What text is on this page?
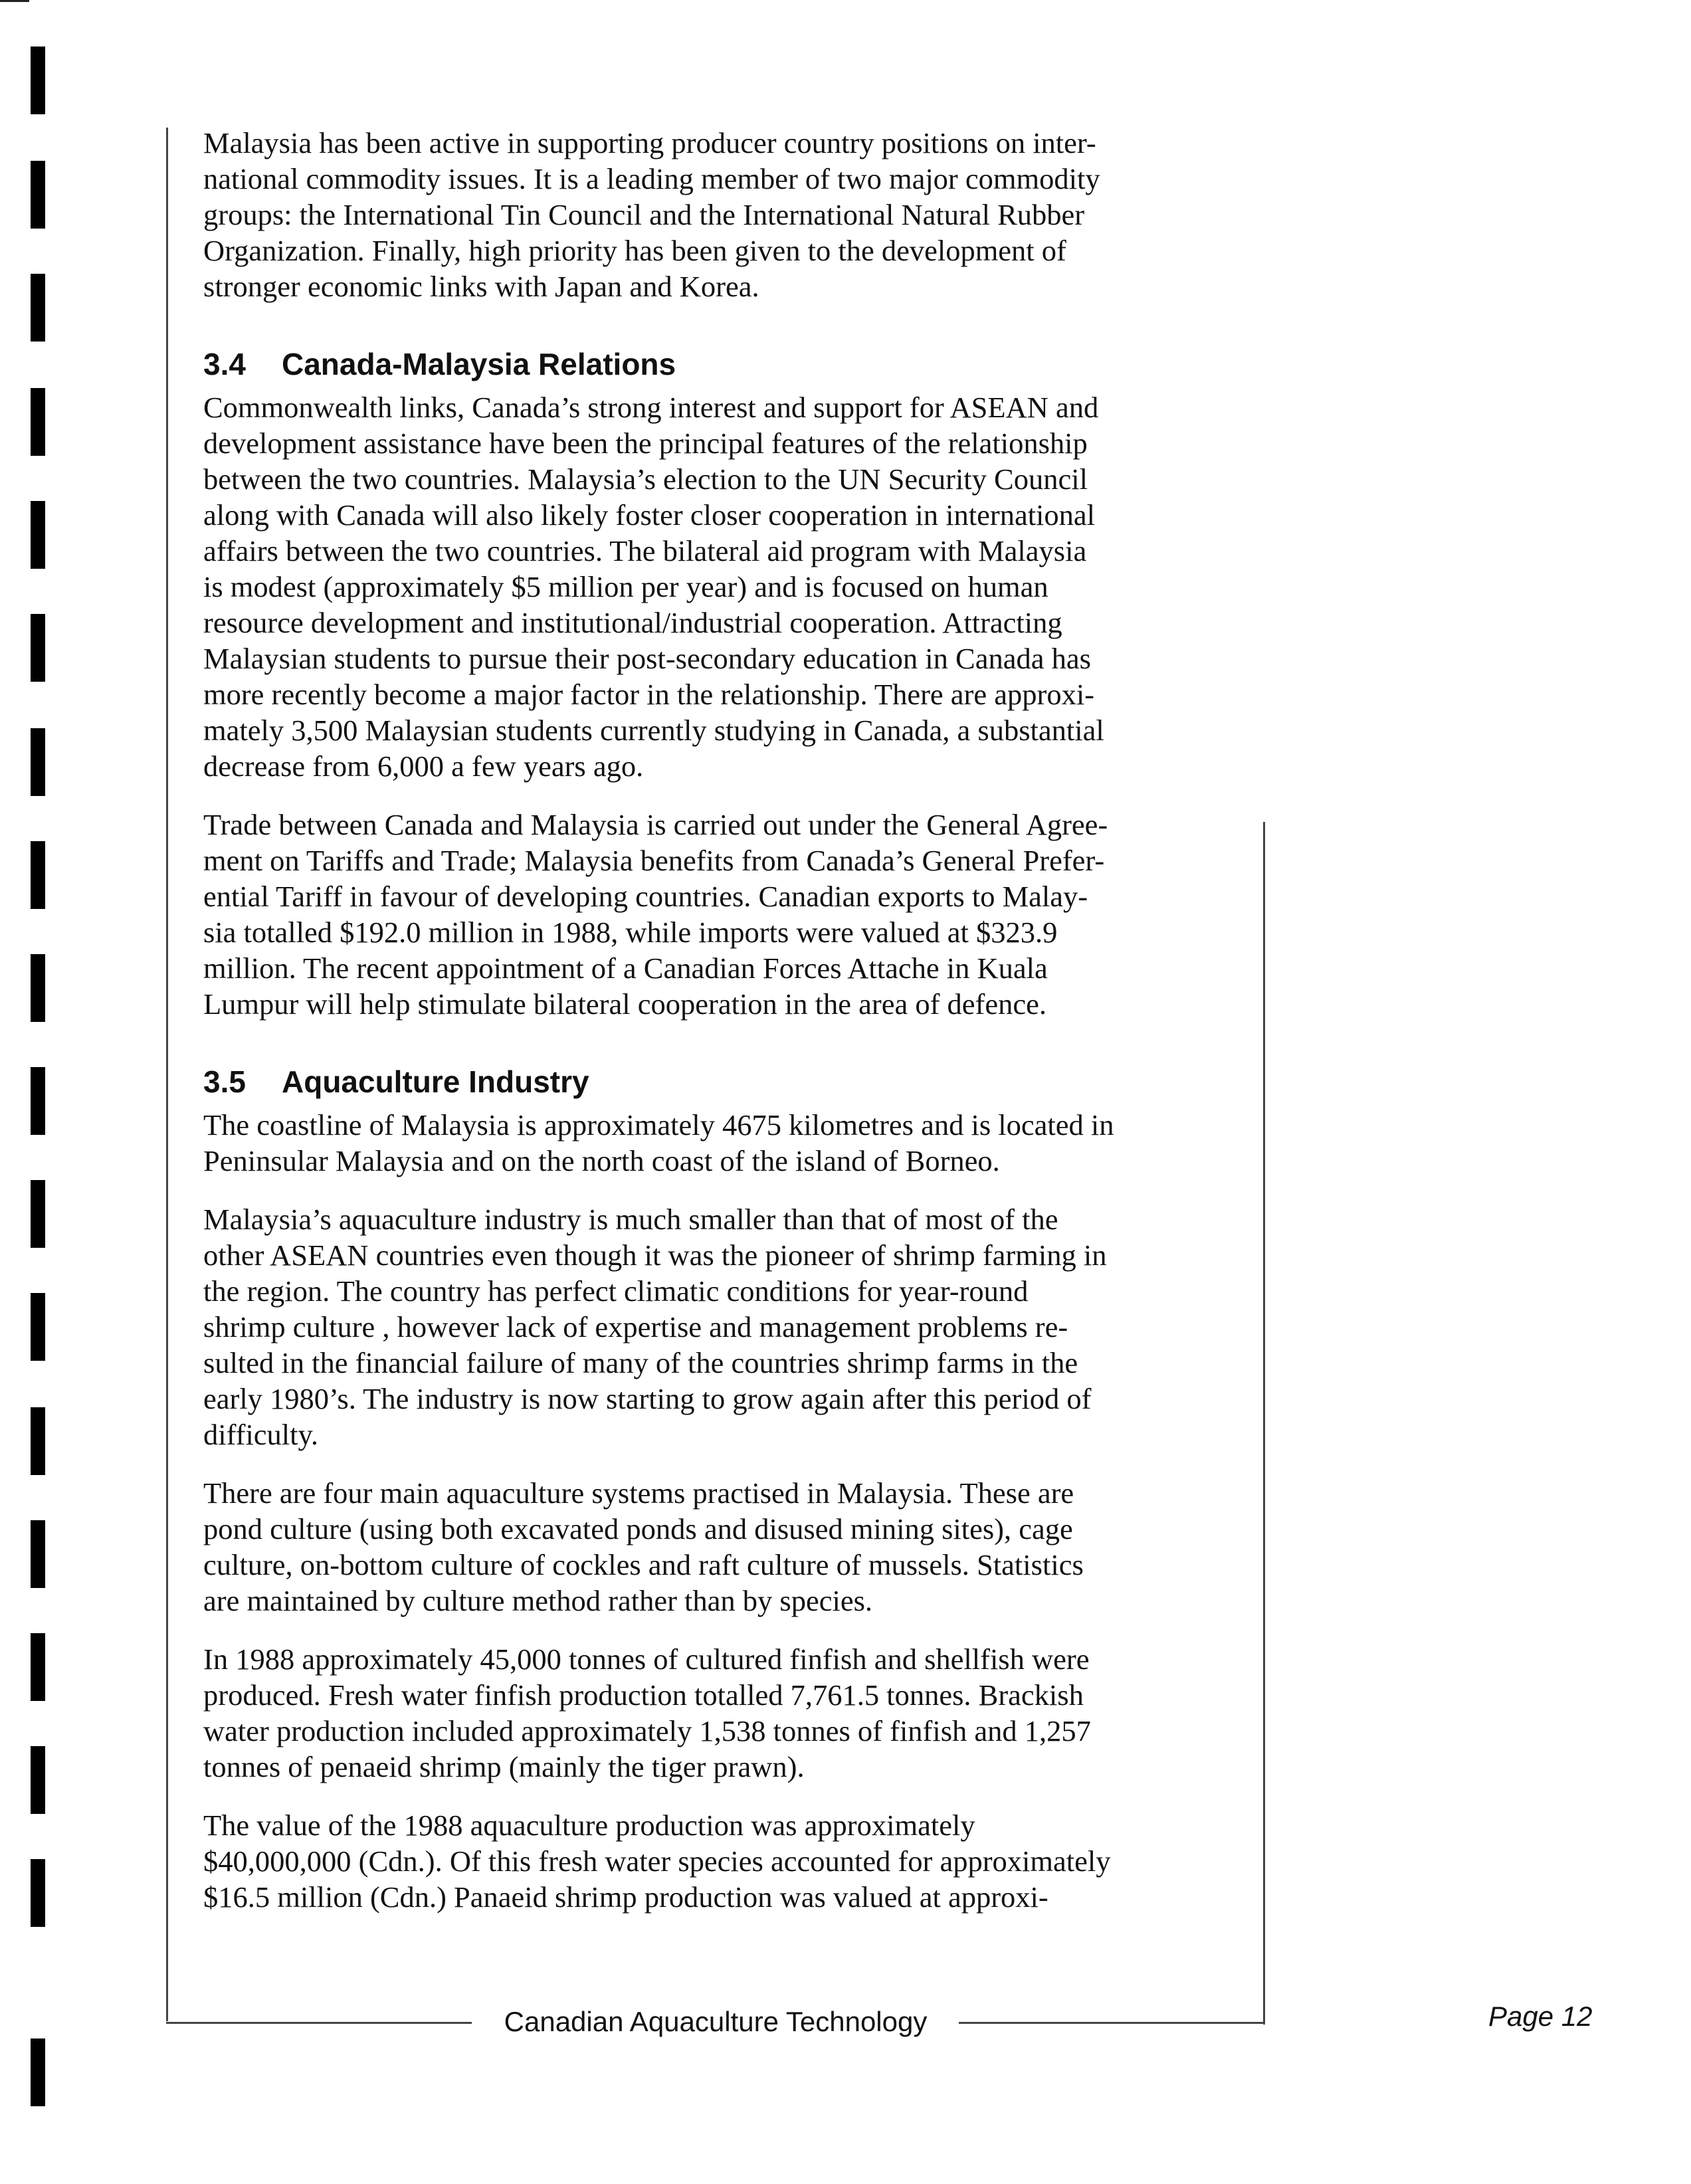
Malaysia has been active in supporting producer country positions on inter-
national commodity issues. It is a leading member of two major commodity
groups: the International Tin Council and the International Natural Rubber
Organization. Finally, high priority has been given to the development of
stronger economic links with Japan and Korea.

3.4 Canada-Malaysia Relations

Commonwealth links, Canada’s strong interest and support for ASEAN and
development assistance have been the principal features of the relationship
between the two countries. Malaysia’s election to the UN Security Council
along with Canada will also likely foster closer cooperation in international
affairs between the two countries. The bilateral aid program with Malaysia
is modest (approximately $5 million per year) and is focused on human
resource development and institutional/industrial cooperation. Attracting
Malaysian students to pursue their post-secondary education in Canada has
more recently become a major factor in the relationship. There are approxi-
mately 3,500 Malaysian students currently studying in Canada, a substantial
decrease from 6,000 a few years ago.

Trade between Canada and Malaysia is carried out under the General Agree-
ment on Tariffs and Trade; Malaysia benefits from Canada’s General Prefer-
ential Tariff in favour of developing countries. Canadian exports to Malay-
sia totalled $192.0 million in 1988, while imports were valued at $323.9
million. The recent appointment of a Canadian Forces Attache in Kuala
Lumpur will help stimulate bilateral cooperation in the area of defence.

3.5 Aquaculture Industry

The coastline of Malaysia is approximately 4675 kilometres and is located in
Peninsular Malaysia and on the north coast of the island of Borneo.

Malaysia’s aquaculture industry is much smaller than that of most of the
other ASEAN countries even though it was the pioneer of shrimp farming in
the region. The country has perfect climatic conditions for year-round
shrimp culture , however lack of expertise and management problems re-
sulted in the financial failure of many of the countries shrimp farms in the
early 1980’s. The industry is now starting to grow again after this period of
difficulty.

There are four main aquaculture systems practised in Malaysia. These are
pond culture (using both excavated ponds and disused mining sites), cage
culture, on-bottom culture of cockles and raft culture of mussels. Statistics
are maintained by culture method rather than by species.

In 1988 approximately 45,000 tonnes of cultured finfish and shellfish were
produced. Fresh water finfish production totalled 7,761.5 tonnes. Brackish
water production included approximately 1,538 tonnes of finfish and 1,257
tonnes of penaeid shrimp (mainly the tiger prawn).

The value of the 1988 aquaculture production was approximately
$40,000,000 (Cdn.). Of this fresh water species accounted for approximately
$16.5 million (Cdn.) Panaeid shrimp production was valued at approxi-

Canadian Aquaculture Technology	Page 12
